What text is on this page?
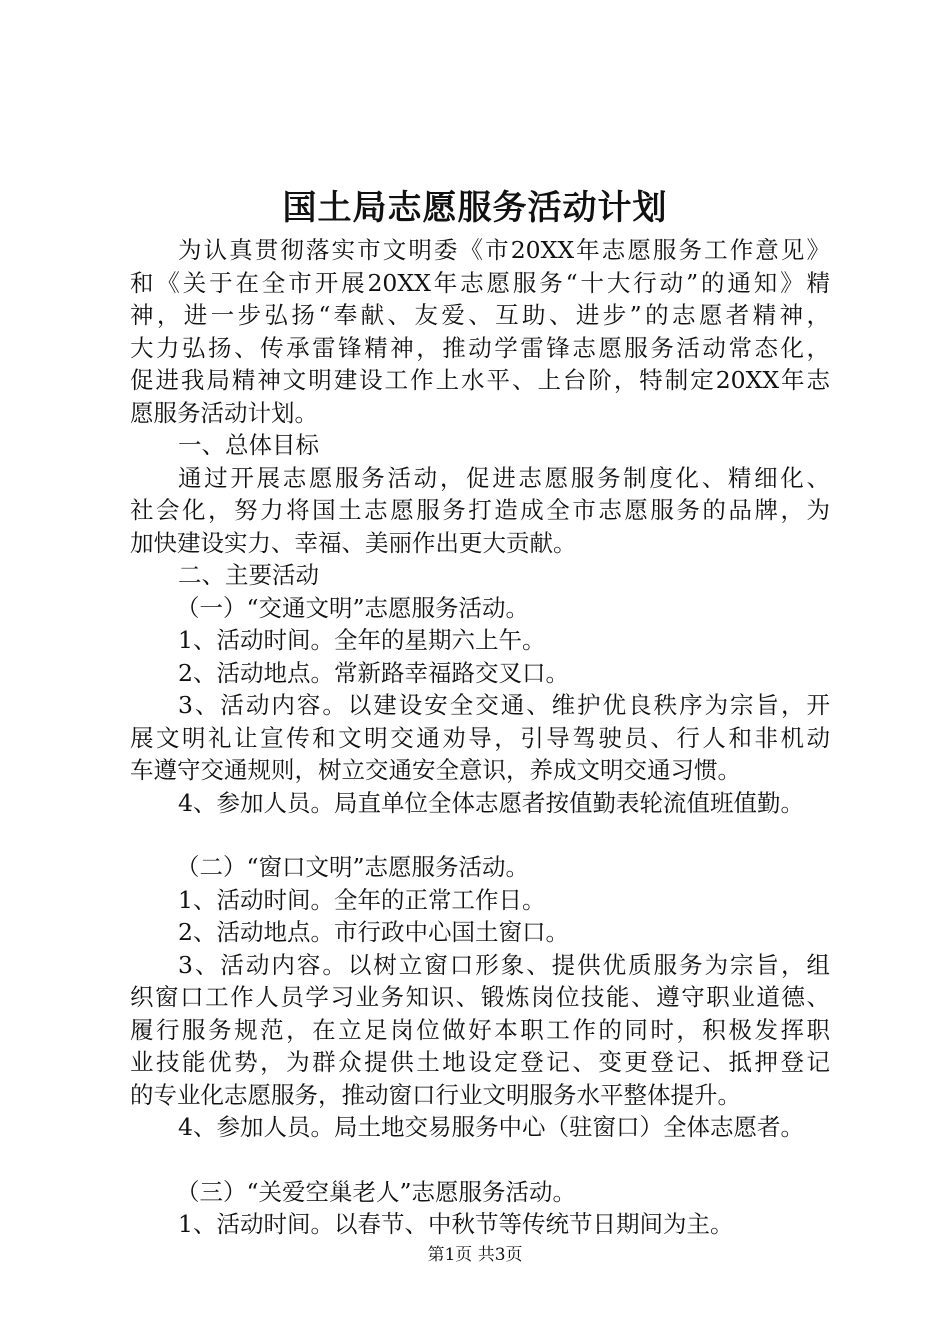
国土局志愿服务活动计划
为认真贯彻落实市文明委《市20XX年志愿服务工作意见》
和《关于在全市开展20XX年志愿服务“十大行动”的通知》精
神，进一步弘扬“奉献、友爱、互助、进步”的志愿者精神，
大力弘扬、传承雷锋精神，推动学雷锋志愿服务活动常态化，
促进我局精神文明建设工作上水平、上台阶，特制定20XX年志
愿服务活动计划。
一、总体目标
通过开展志愿服务活动，促进志愿服务制度化、精细化、
社会化，努力将国土志愿服务打造成全市志愿服务的品牌，为
加快建设实力、幸福、美丽作出更大贡献。
二、主要活动
（一）“交通文明”志愿服务活动。
1、活动时间。全年的星期六上午。
2、活动地点。常新路幸福路交叉口。
3、活动内容。以建设安全交通、维护优良秩序为宗旨，开
展文明礼让宣传和文明交通劝导，引导驾驶员、行人和非机动
车遵守交通规则，树立交通安全意识，养成文明交通习惯。
4、参加人员。局直单位全体志愿者按值勤表轮流值班值勤。
（二）“窗口文明”志愿服务活动。
1、活动时间。全年的正常工作日。
2、活动地点。市行政中心国土窗口。
3、活动内容。以树立窗口形象、提供优质服务为宗旨，组
织窗口工作人员学习业务知识、锻炼岗位技能、遵守职业道德、
履行服务规范，在立足岗位做好本职工作的同时，积极发挥职
业技能优势，为群众提供土地设定登记、变更登记、抵押登记
的专业化志愿服务，推动窗口行业文明服务水平整体提升。
4、参加人员。局土地交易服务中心（驻窗口）全体志愿者。
（三）“关爱空巢老人”志愿服务活动。
1、活动时间。以春节、中秋节等传统节日期间为主。
第1页 共3页
